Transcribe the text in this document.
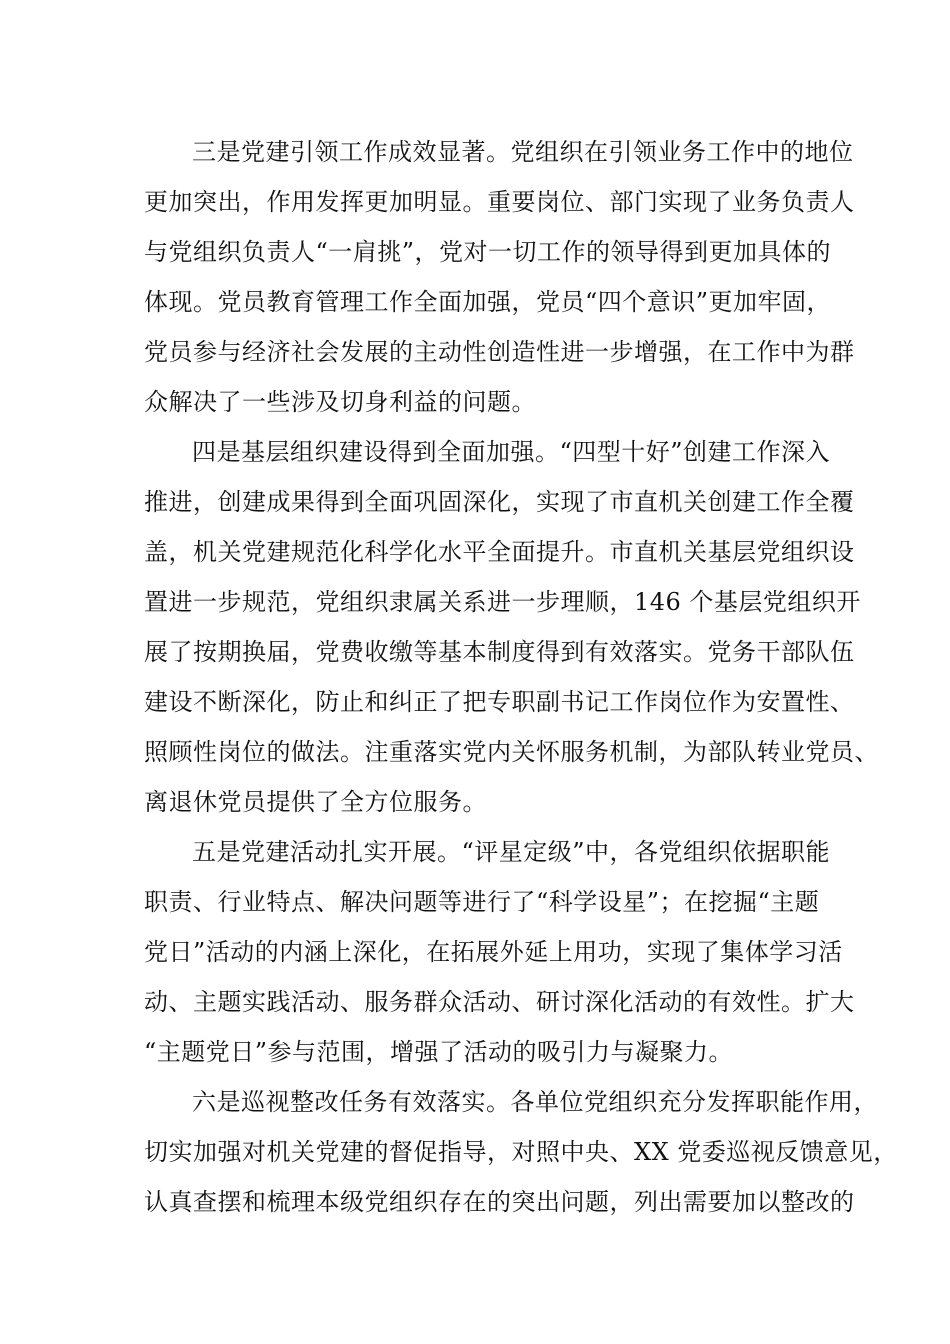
三是党建引领工作成效显著。党组织在引领业务工作中的地位
更加突出，作用发挥更加明显。重要岗位、部门实现了业务负责人
与党组织负责人“一肩挑”，党对一切工作的领导得到更加具体的
体现。党员教育管理工作全面加强，党员“四个意识”更加牢固，
党员参与经济社会发展的主动性创造性进一步增强，在工作中为群
众解决了一些涉及切身利益的问题。
四是基层组织建设得到全面加强。“四型十好”创建工作深入
推进，创建成果得到全面巩固深化，实现了市直机关创建工作全覆
盖，机关党建规范化科学化水平全面提升。市直机关基层党组织设
置进一步规范，党组织隶属关系进一步理顺，146 个基层党组织开
展了按期换届，党费收缴等基本制度得到有效落实。党务干部队伍
建设不断深化，防止和纠正了把专职副书记工作岗位作为安置性、
照顾性岗位的做法。注重落实党内关怀服务机制，为部队转业党员、
离退休党员提供了全方位服务。
五是党建活动扎实开展。“评星定级”中，各党组织依据职能
职责、行业特点、解决问题等进行了“科学设星”；在挖掘“主题
党日”活动的内涵上深化，在拓展外延上用功，实现了集体学习活
动、主题实践活动、服务群众活动、研讨深化活动的有效性。扩大
“主题党日”参与范围，增强了活动的吸引力与凝聚力。
六是巡视整改任务有效落实。各单位党组织充分发挥职能作用，
切实加强对机关党建的督促指导，对照中央、XX 党委巡视反馈意见，
认真查摆和梳理本级党组织存在的突出问题，列出需要加以整改的
